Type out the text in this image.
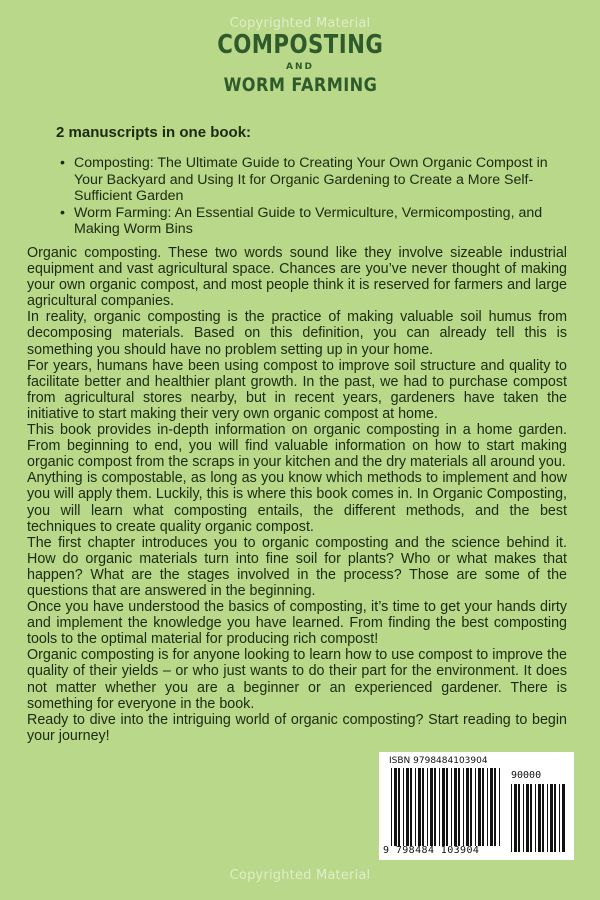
Copyrighted Material
COMPOSTING
AND
WORM FARMING
2 manuscripts in one book:
• Composting: The Ultimate Guide to Creating Your Own Organic Compost in Your Backyard and Using It for Organic Gardening to Create a More Self-Sufficient Garden
• Worm Farming: An Essential Guide to Vermiculture, Vermicomposting, and Making Worm Bins

Organic composting. These two words sound like they involve sizeable industrial equipment and vast agricultural space. Chances are you’ve never thought of making your own organic compost, and most people think it is reserved for farmers and large agricultural companies.

In reality, organic composting is the practice of making valuable soil humus from decomposing materials. Based on this definition, you can already tell this is something you should have no problem setting up in your home.

For years, humans have been using compost to improve soil structure and quality to facilitate better and healthier plant growth. In the past, we had to purchase compost from agricultural stores nearby, but in recent years, gardeners have taken the initiative to start making their very own organic compost at home.

This book provides in-depth information on organic composting in a home garden. From beginning to end, you will find valuable information on how to start making organic compost from the scraps in your kitchen and the dry materials all around you.

Anything is compostable, as long as you know which methods to implement and how you will apply them. Luckily, this is where this book comes in. In Organic Composting, you will learn what composting entails, the different methods, and the best techniques to create quality organic compost.

The first chapter introduces you to organic composting and the science behind it. How do organic materials turn into fine soil for plants? Who or what makes that happen? What are the stages involved in the process? Those are some of the questions that are answered in the beginning.

Once you have understood the basics of composting, it’s time to get your hands dirty and implement the knowledge you have learned. From finding the best composting tools to the optimal material for producing rich compost!

Organic composting is for anyone looking to learn how to use compost to improve the quality of their yields – or who just wants to do their part for the environment. It does not matter whether you are a beginner or an experienced gardener. There is something for everyone in the book.

Ready to dive into the intriguing world of organic composting? Start reading to begin your journey!

ISBN 9798484103904
90000
9 798484 103904
Copyrighted Material
